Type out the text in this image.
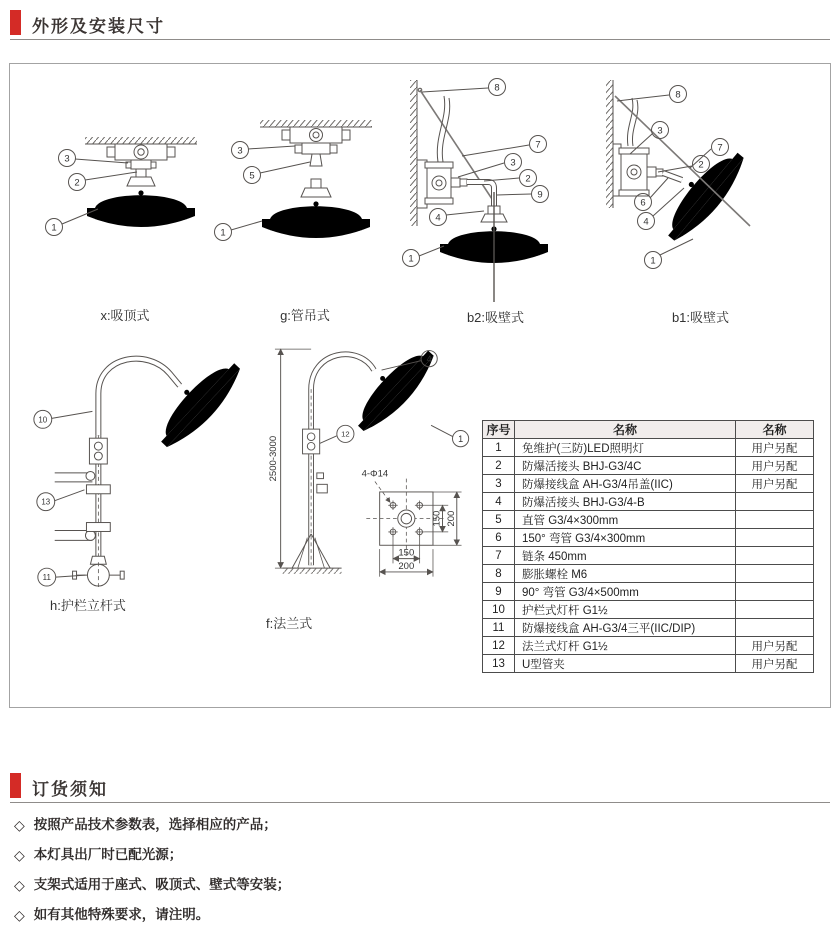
外形及安装尺寸
3
2
1
x:吸顶式
3
5
1
g:管吊式
8
7
3
2
9
4
1
b2:吸壁式
8
3
7
2
6
4
1
b1:吸壁式
10
13
11
h:护栏立杆式
2500-3000	4-Φ14
150 200
150
200
4
12	1
f:法兰式
序号	名称	名称
1	免维护(三防)LED照明灯	用户另配
2	防爆活接头 BHJ-G3/4C	用户另配
3	防爆接线盒 AH-G3/4吊盖(IIC)	用户另配
4	防爆活接头 BHJ-G3/4-B	
5	直管 G3/4×300mm	
6	150° 弯管 G3/4×300mm	
7	链条 450mm	
8	膨胀螺栓 M6	
9	90° 弯管 G3/4×500mm	
10	护栏式灯杆 G1½	
11	防爆接线盒 AH-G3/4三平(IIC/DIP)	
12	法兰式灯杆 G1½	用户另配
13	U型管夹	用户另配
订货须知
◇ 按照产品技术参数表，选择相应的产品；
◇ 本灯具出厂时已配光源；
◇ 支架式适用于座式、吸顶式、壁式等安装；
◇ 如有其他特殊要求，请注明。
